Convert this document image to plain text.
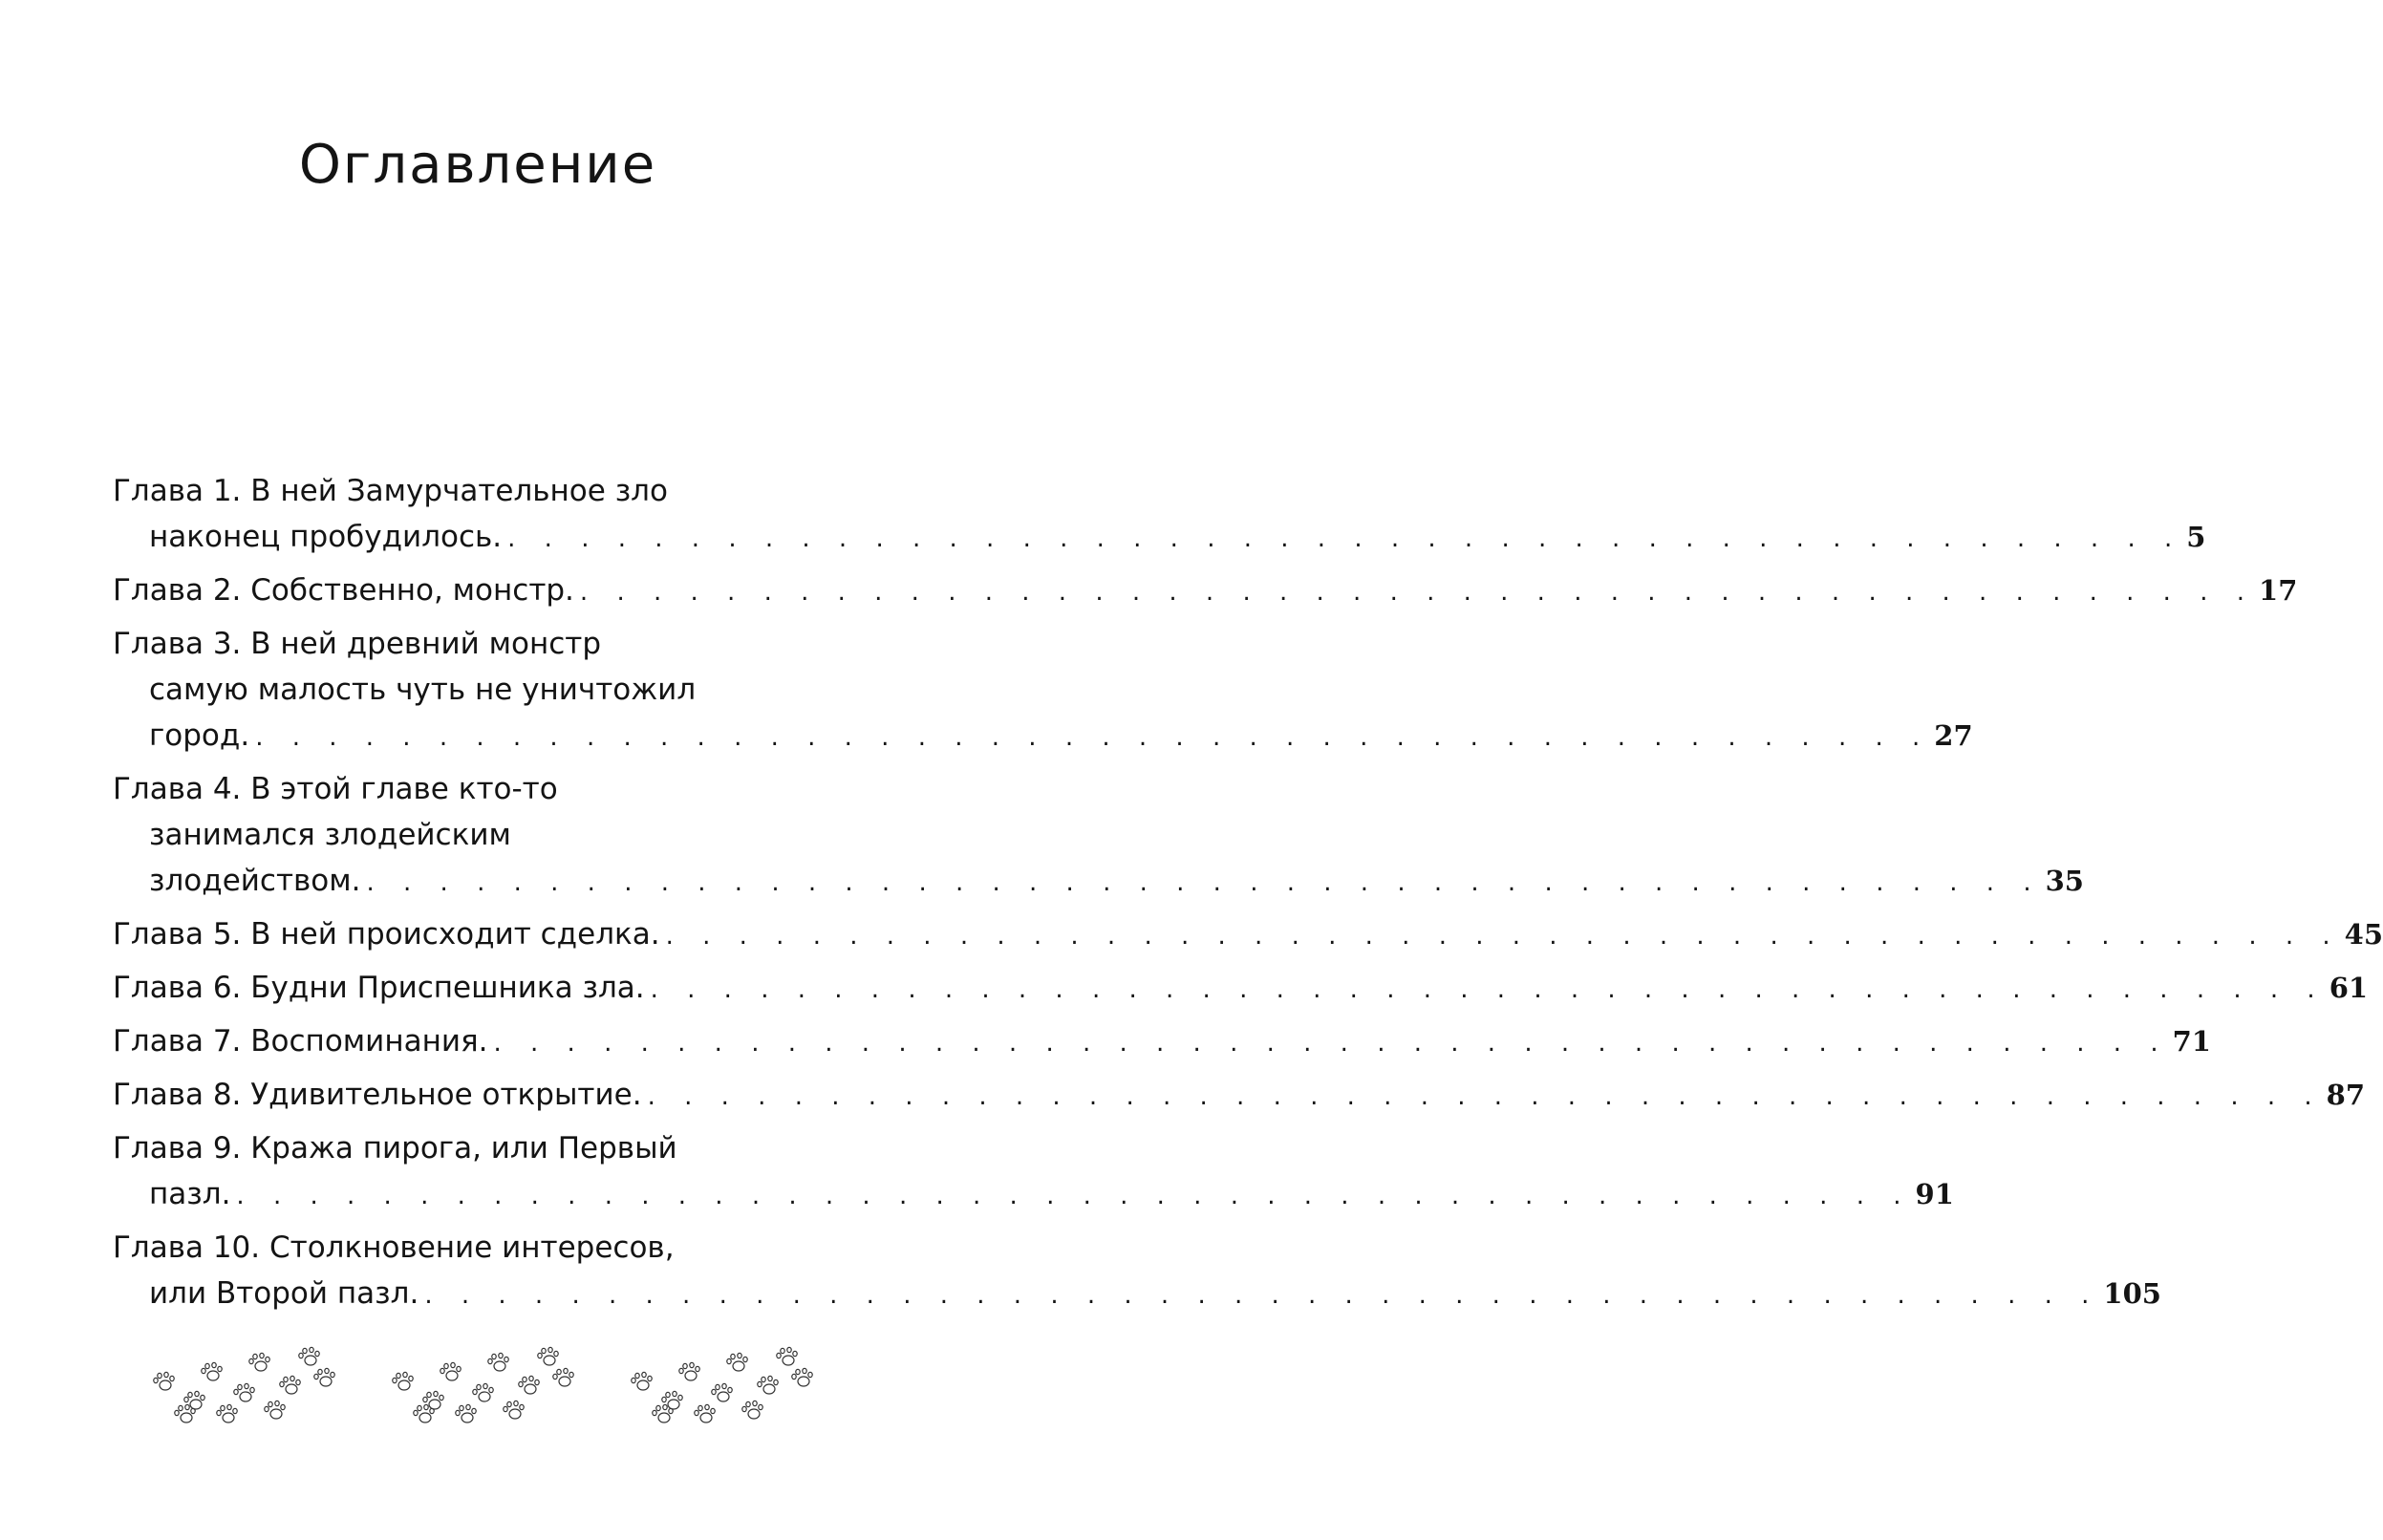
Оглавление
Глава 1. В ней Замурчательное зло
наконец пробудилось. . . . . . . . . . . . . . . . . . . . . . . . . . . . . . . . . . . . . . . . . . . . . . . 5
Глава 2. Собственно, монстр. . . . . . . . . . . . . . . . . . . . . . . . . . . . . . . . . . . . . . . . . . . . . . . 17
Глава 3. В ней древний монстр
самую малость чуть не уничтожил
город. . . . . . . . . . . . . . . . . . . . . . . . . . . . . . . . . . . . . . . . . . . . . . . 27
Глава 4. В этой главе кто-то
занимался злодейским
злодейством. . . . . . . . . . . . . . . . . . . . . . . . . . . . . . . . . . . . . . . . . . . . . . . 35
Глава 5. В ней происходит сделка. . . . . . . . . . . . . . . . . . . . . . . . . . . . . . . . . . . . . . . . . . . . . . . 45
Глава 6. Будни Приспешника зла. . . . . . . . . . . . . . . . . . . . . . . . . . . . . . . . . . . . . . . . . . . . . . . 61
Глава 7. Воспоминания. . . . . . . . . . . . . . . . . . . . . . . . . . . . . . . . . . . . . . . . . . . . . . . 71
Глава 8. Удивительное открытие. . . . . . . . . . . . . . . . . . . . . . . . . . . . . . . . . . . . . . . . . . . . . . . 87
Глава 9. Кража пирога, или Первый
пазл. . . . . . . . . . . . . . . . . . . . . . . . . . . . . . . . . . . . . . . . . . . . . . . 91
Глава 10. Столкновение интересов,
или Второй пазл. . . . . . . . . . . . . . . . . . . . . . . . . . . . . . . . . . . . . . . . . . . . . . . 105
